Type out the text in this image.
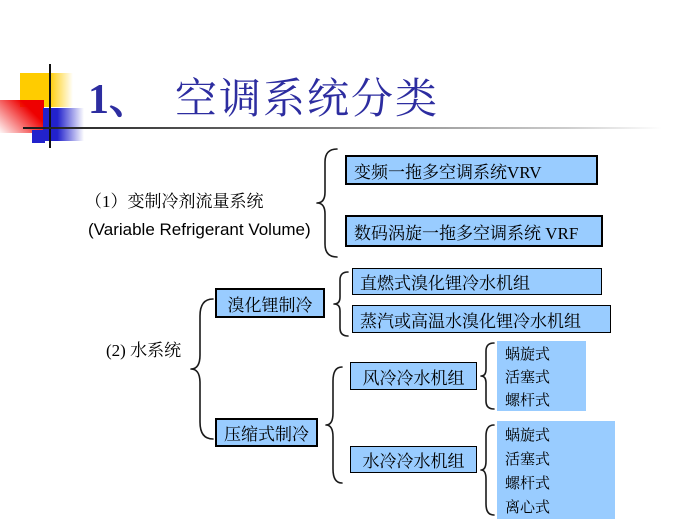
1、 空调系统分类
（1）变制冷剂流量系统
(Variable Refrigerant Volume)
变频一拖多空调系统VRV
数码涡旋一拖多空调系统 VRF
(2) 水系统
溴化锂制冷
直燃式溴化锂冷水机组
蒸汽或高温水溴化锂冷水机组
压缩式制冷
风冷冷水机组
蜗旋式
活塞式
螺杆式
水冷冷水机组
蜗旋式
活塞式
螺杆式
离心式
